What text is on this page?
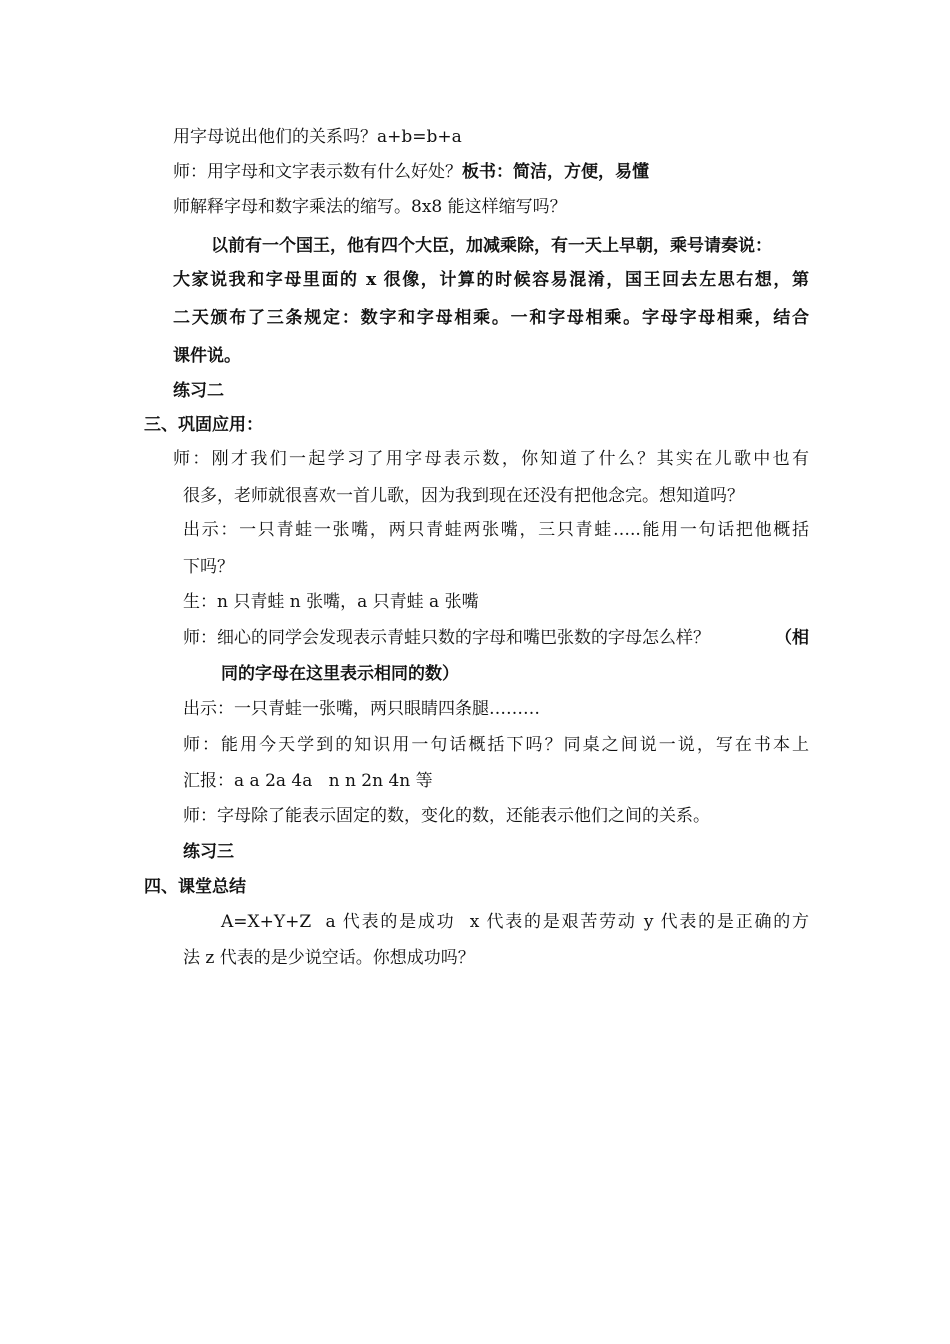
用字母说出他们的关系吗？a+b=b+a
师：用字母和文字表示数有什么好处？板书：简洁，方便，易懂
师解释字母和数字乘法的缩写。8x8 能这样缩写吗？
以前有一个国王，他有四个大臣，加减乘除，有一天上早朝，乘号请奏说：
大家说我和字母里面的 x 很像，计算的时候容易混淆，国王回去左思右想，第
二天颁布了三条规定：数字和字母相乘。一和字母相乘。字母字母相乘，结合
课件说。
练习二
三、巩固应用：
师：刚才我们一起学习了用字母表示数，你知道了什么？其实在儿歌中也有
很多，老师就很喜欢一首儿歌，因为我到现在还没有把他念完。想知道吗？
出示：一只青蛙一张嘴，两只青蛙两张嘴，三只青蛙…..能用一句话把他概括
下吗？
生：n 只青蛙 n 张嘴，a 只青蛙 a 张嘴
师：细心的同学会发现表示青蛙只数的字母和嘴巴张数的字母怎么样？	（相
同的字母在这里表示相同的数）
出示：一只青蛙一张嘴，两只眼睛四条腿………
师：能用今天学到的知识用一句话概括下吗？同桌之间说一说，写在书本上
汇报：a a 2a 4a   n n 2n 4n 等
师：字母除了能表示固定的数，变化的数，还能表示他们之间的关系。
练习三
四、课堂总结
A=X+Y+Z  a 代表的是成功  x 代表的是艰苦劳动 y 代表的是正确的方
法 z 代表的是少说空话。你想成功吗？
